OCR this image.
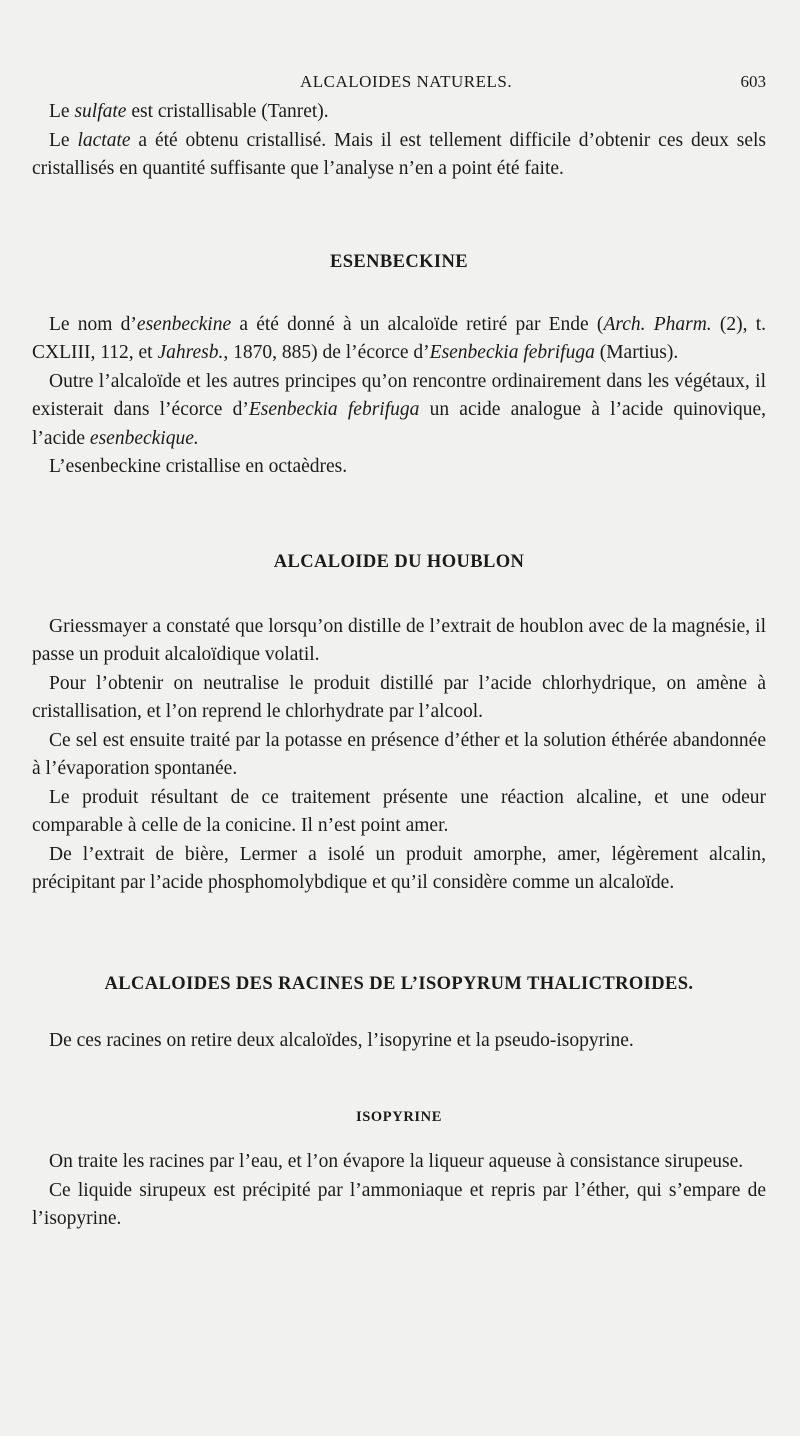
ALCALOIDES NATURELS.	603

Le sulfate est cristallisable (Tanret).

Le lactate a été obtenu cristallisé. Mais il est tellement difficile d’obtenir ces deux sels cristallisés en quantité suffisante que l’analyse n’en a point été faite.

ESENBECKINE

Le nom d’esenbeckine a été donné à un alcaloïde retiré par Ende (Arch. Pharm. (2), t. CXLIII, 112, et Jahresb., 1870, 885) de l’écorce d’Esenbeckia febrifuga (Martius).

Outre l’alcaloïde et les autres principes qu’on rencontre ordinairement dans les végétaux, il existerait dans l’écorce d’Esenbeckia febrifuga un acide analogue à l’acide quinovique, l’acide esenbeckique.

L’esenbeckine cristallise en octaèdres.

ALCALOIDE DU HOUBLON

Griessmayer a constaté que lorsqu’on distille de l’extrait de houblon avec de la magnésie, il passe un produit alcaloïdique volatil.

Pour l’obtenir on neutralise le produit distillé par l’acide chlorhydrique, on amène à cristallisation, et l’on reprend le chlorhydrate par l’alcool.

Ce sel est ensuite traité par la potasse en présence d’éther et la solution éthérée abandonnée à l’évaporation spontanée.

Le produit résultant de ce traitement présente une réaction alcaline, et une odeur comparable à celle de la conicine. Il n’est point amer.

De l’extrait de bière, Lermer a isolé un produit amorphe, amer, légèrement alcalin, précipitant par l’acide phosphomolybdique et qu’il considère comme un alcaloïde.

ALCALOIDES DES RACINES DE L’ISOPYRUM THALICTROIDES.

De ces racines on retire deux alcaloïdes, l’isopyrine et la pseudo-isopyrine.

ISOPYRINE

On traite les racines par l’eau, et l’on évapore la liqueur aqueuse à consistance sirupeuse.

Ce liquide sirupeux est précipité par l’ammoniaque et repris par l’éther, qui s’empare de l’isopyrine.
